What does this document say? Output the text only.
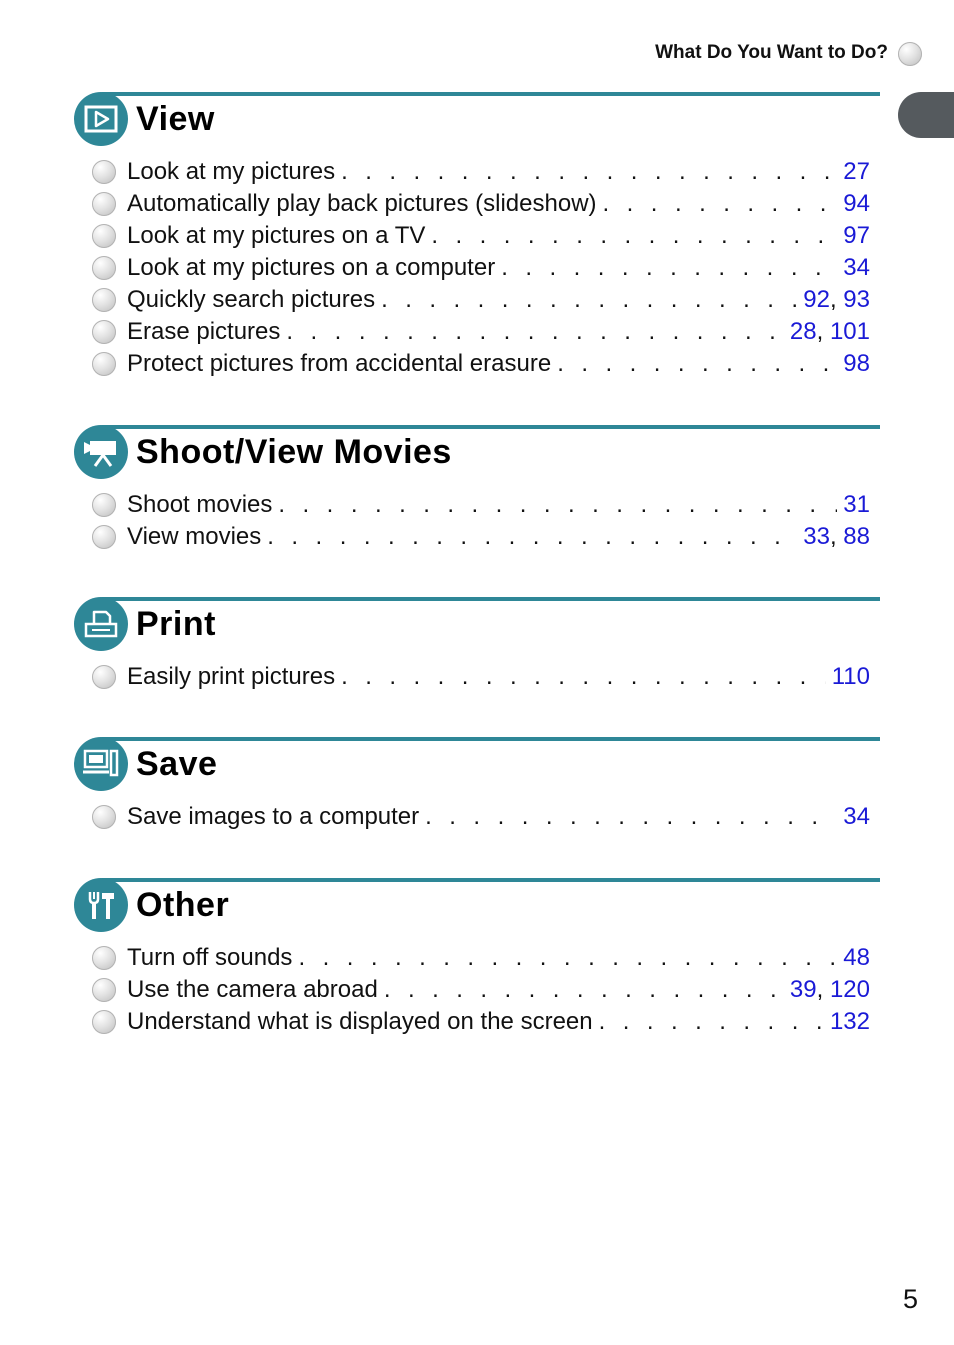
What Do You Want to Do?
View
Look at my pictures . . .	27
Automatically play back pictures (slideshow) . . .	94
Look at my pictures on a TV . . .	97
Look at my pictures on a computer . . .	34
Quickly search pictures . . .	92, 93
Erase pictures . . .	28, 101
Protect pictures from accidental erasure . . .	98
Shoot/View Movies
Shoot movies . . .	31
View movies . . .	33, 88
Print
Easily print pictures . . .	110
Save
Save images to a computer . . .	34
Other
Turn off sounds . . .	48
Use the camera abroad . . .	39, 120
Understand what is displayed on the screen . . .	132
5
